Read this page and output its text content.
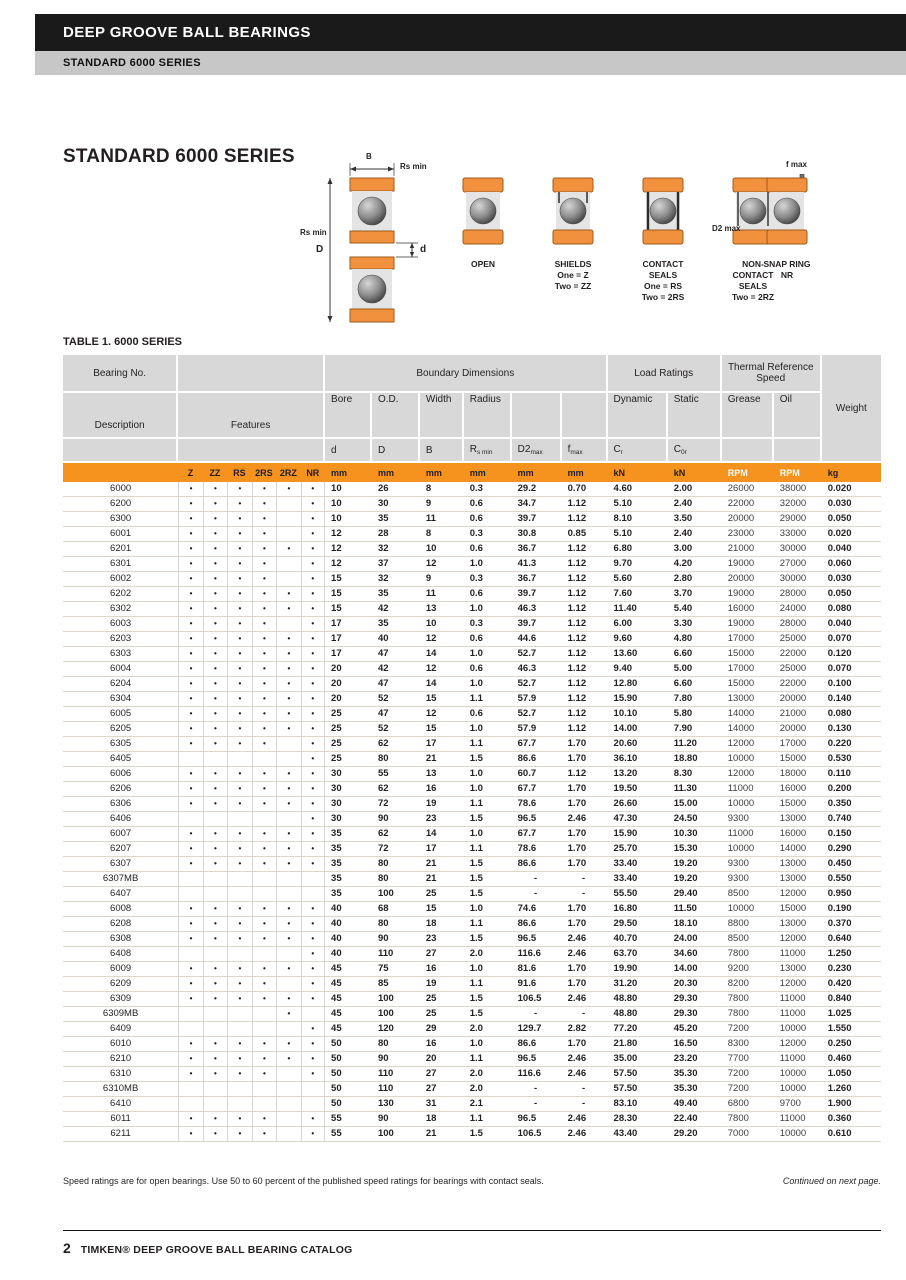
DEEP GROOVE BALL BEARINGS
STANDARD 6000 SERIES
STANDARD 6000 SERIES	B
Rs min
Rs min
D	d
OPEN	SHIELDS
One = Z
Two = ZZ
CONTACT
SEALS
One = RS
Two = 2RS
NON-
CONTACT
SEALS
Two = 2RZ
SNAP RING
NR
f max
D2 max
TABLE 1. 6000 SERIES
Bearing No.							Boundary Dimensions						Load Ratings		Thermal Reference Speed		Weight
Description	Features						Bore	O.D.	Width	Radius			Dynamic	Static	Grease	Oil	
							d	D	B	$R_{s min}$	$D2_{max}$	$f_{max}$	$C_r$	$C_{0r}$		
	Z	ZZ	RS	2RS	2RZ	NR	mm	mm	mm	mm	mm	mm	kN	kN	RPM	RPM	kg
6000	•	•	•	•	•	•	10	26	8	0.3	29.2	0.70	4.60	2.00	26000	38000	0.020
6200	•	•	•	•		•	10	30	9	0.6	34.7	1.12	5.10	2.40	22000	32000	0.030
6300	•	•	•	•		•	10	35	11	0.6	39.7	1.12	8.10	3.50	20000	29000	0.050
6001	•	•	•	•		•	12	28	8	0.3	30.8	0.85	5.10	2.40	23000	33000	0.020
6201	•	•	•	•	•	•	12	32	10	0.6	36.7	1.12	6.80	3.00	21000	30000	0.040
6301	•	•	•	•		•	12	37	12	1.0	41.3	1.12	9.70	4.20	19000	27000	0.060
6002	•	•	•	•		•	15	32	9	0.3	36.7	1.12	5.60	2.80	20000	30000	0.030
6202	•	•	•	•	•	•	15	35	11	0.6	39.7	1.12	7.60	3.70	19000	28000	0.050
6302	•	•	•	•	•	•	15	42	13	1.0	46.3	1.12	11.40	5.40	16000	24000	0.080
6003	•	•	•	•		•	17	35	10	0.3	39.7	1.12	6.00	3.30	19000	28000	0.040
6203	•	•	•	•	•	•	17	40	12	0.6	44.6	1.12	9.60	4.80	17000	25000	0.070
6303	•	•	•	•	•	•	17	47	14	1.0	52.7	1.12	13.60	6.60	15000	22000	0.120
6004	•	•	•	•	•	•	20	42	12	0.6	46.3	1.12	9.40	5.00	17000	25000	0.070
6204	•	•	•	•	•	•	20	47	14	1.0	52.7	1.12	12.80	6.60	15000	22000	0.100
6304	•	•	•	•	•	•	20	52	15	1.1	57.9	1.12	15.90	7.80	13000	20000	0.140
6005	•	•	•	•	•	•	25	47	12	0.6	52.7	1.12	10.10	5.80	14000	21000	0.080
6205	•	•	•	•	•	•	25	52	15	1.0	57.9	1.12	14.00	7.90	14000	20000	0.130
6305	•	•	•	•		•	25	62	17	1.1	67.7	1.70	20.60	11.20	12000	17000	0.220
6405						•	25	80	21	1.5	86.6	1.70	36.10	18.80	10000	15000	0.530
6006	•	•	•	•	•	•	30	55	13	1.0	60.7	1.12	13.20	8.30	12000	18000	0.110
6206	•	•	•	•	•	•	30	62	16	1.0	67.7	1.70	19.50	11.30	11000	16000	0.200
6306	•	•	•	•	•	•	30	72	19	1.1	78.6	1.70	26.60	15.00	10000	15000	0.350
6406						•	30	90	23	1.5	96.5	2.46	47.30	24.50	9300	13000	0.740
6007	•	•	•	•	•	•	35	62	14	1.0	67.7	1.70	15.90	10.30	11000	16000	0.150
6207	•	•	•	•	•	•	35	72	17	1.1	78.6	1.70	25.70	15.30	10000	14000	0.290
6307	•	•	•	•	•	•	35	80	21	1.5	86.6	1.70	33.40	19.20	9300	13000	0.450
6307MB							35	80	21	1.5	-	-	33.40	19.20	9300	13000	0.550
6407							35	100	25	1.5	-	-	55.50	29.40	8500	12000	0.950
6008	•	•	•	•	•	•	40	68	15	1.0	74.6	1.70	16.80	11.50	10000	15000	0.190
6208	•	•	•	•	•	•	40	80	18	1.1	86.6	1.70	29.50	18.10	8800	13000	0.370
6308	•	•	•	•	•	•	40	90	23	1.5	96.5	2.46	40.70	24.00	8500	12000	0.640
6408						•	40	110	27	2.0	116.6	2.46	63.70	34.60	7800	11000	1.250
6009	•	•	•	•	•	•	45	75	16	1.0	81.6	1.70	19.90	14.00	9200	13000	0.230
6209	•	•	•	•		•	45	85	19	1.1	91.6	1.70	31.20	20.30	8200	12000	0.420
6309	•	•	•	•	•	•	45	100	25	1.5	106.5	2.46	48.80	29.30	7800	11000	0.840
6309MB					•		45	100	25	1.5	-	-	48.80	29.30	7800	11000	1.025
6409						•	45	120	29	2.0	129.7	2.82	77.20	45.20	7200	10000	1.550
6010	•	•	•	•	•	•	50	80	16	1.0	86.6	1.70	21.80	16.50	8300	12000	0.250
6210	•	•	•	•	•	•	50	90	20	1.1	96.5	2.46	35.00	23.20	7700	11000	0.460
6310	•	•	•	•		•	50	110	27	2.0	116.6	2.46	57.50	35.30	7200	10000	1.050
6310MB							50	110	27	2.0	-	-	57.50	35.30	7200	10000	1.260
6410							50	130	31	2.1	-	-	83.10	49.40	6800	9700	1.900
6011	•	•	•	•		•	55	90	18	1.1	96.5	2.46	28.30	22.40	7800	11000	0.360
6211	•	•	•	•		•	55	100	21	1.5	106.5	2.46	43.40	29.20	7000	10000	0.610
Speed ratings are for open bearings. Use 50 to 60 percent of the published speed ratings for bearings with contact seals.	Continued on next page.
2 TIMKEN® DEEP GROOVE BALL BEARING CATALOG
